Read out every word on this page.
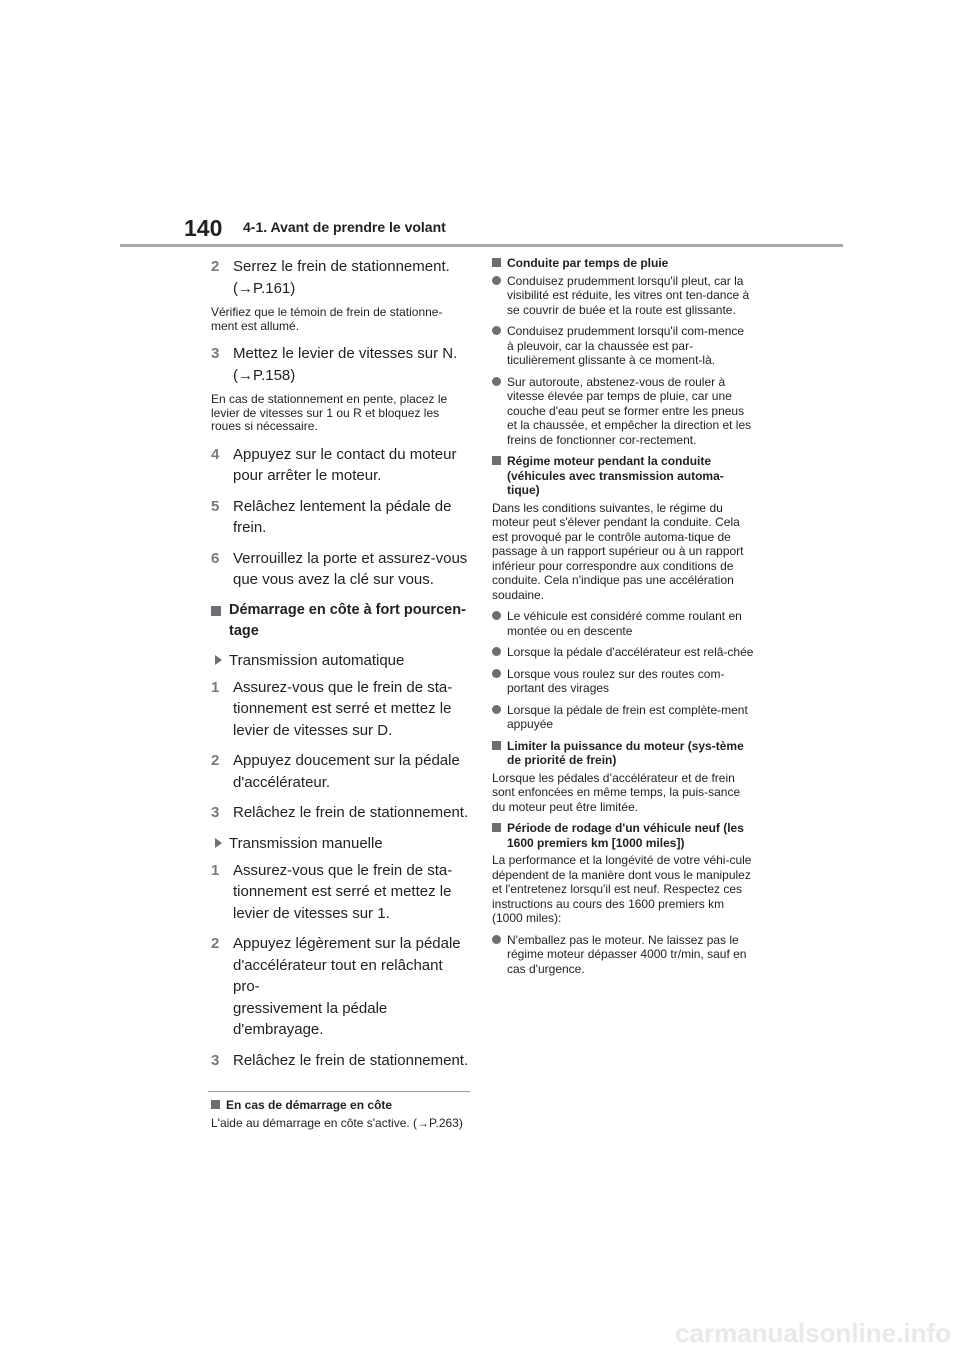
140 4-1. Avant de prendre le volant
2 Serrez le frein de stationnement.
(→P.161)
Vérifiez que le témoin de frein de stationne-ment est allumé.
3 Mettez le levier de vitesses sur N.
(→P.158)
En cas de stationnement en pente, placez le levier de vitesses sur 1 ou R et bloquez les roues si nécessaire.
4 Appuyez sur le contact du moteur
pour arrêter le moteur.
5 Relâchez lentement la pédale de
frein.
6 Verrouillez la porte et assurez-vous
que vous avez la clé sur vous.
Démarrage en côte à fort pourcen-tage
Transmission automatique
1 Assurez-vous que le frein de sta-
tionnement est serré et mettez le
levier de vitesses sur D.
2 Appuyez doucement sur la pédale
d'accélérateur.
3 Relâchez le frein de stationnement.
Transmission manuelle
1 Assurez-vous que le frein de sta-
tionnement est serré et mettez le
levier de vitesses sur 1.
2 Appuyez légèrement sur la pédale
d'accélérateur tout en relâchant pro-
gressivement la pédale
d'embrayage.
3 Relâchez le frein de stationnement.
En cas de démarrage en côte
L'aide au démarrage en côte s'active. (→P.263)
Conduite par temps de pluie
Conduisez prudemment lorsqu'il pleut, car la visibilité est réduite, les vitres ont ten-dance à se couvrir de buée et la route est glissante.
Conduisez prudemment lorsqu'il com-mence à pleuvoir, car la chaussée est par-ticulièrement glissante à ce moment-là.
Sur autoroute, abstenez-vous de rouler à vitesse élevée par temps de pluie, car une couche d'eau peut se former entre les pneus et la chaussée, et empêcher la direction et les freins de fonctionner cor-rectement.
Régime moteur pendant la conduite (véhicules avec transmission automa-tique)
Dans les conditions suivantes, le régime du moteur peut s'élever pendant la conduite. Cela est provoqué par le contrôle automa-tique de passage à un rapport supérieur ou à un rapport inférieur pour correspondre aux conditions de conduite. Cela n'indique pas une accélération soudaine.
Le véhicule est considéré comme roulant en montée ou en descente
Lorsque la pédale d'accélérateur est relâ-chée
Lorsque vous roulez sur des routes com-portant des virages
Lorsque la pédale de frein est complète-ment appuyée
Limiter la puissance du moteur (sys-tème de priorité de frein)
Lorsque les pédales d’accélérateur et de frein sont enfoncées en même temps, la puis-sance du moteur peut être limitée.
Période de rodage d'un véhicule neuf (les 1600 premiers km [1000 miles])
La performance et la longévité de votre véhi-cule dépendent de la manière dont vous le manipulez et l'entretenez lorsqu'il est neuf. Respectez ces instructions au cours des 1600 premiers km (1000 miles):
N'emballez pas le moteur. Ne laissez pas le régime moteur dépasser 4000 tr/min, sauf en cas d'urgence.
carmanualsonline.info
